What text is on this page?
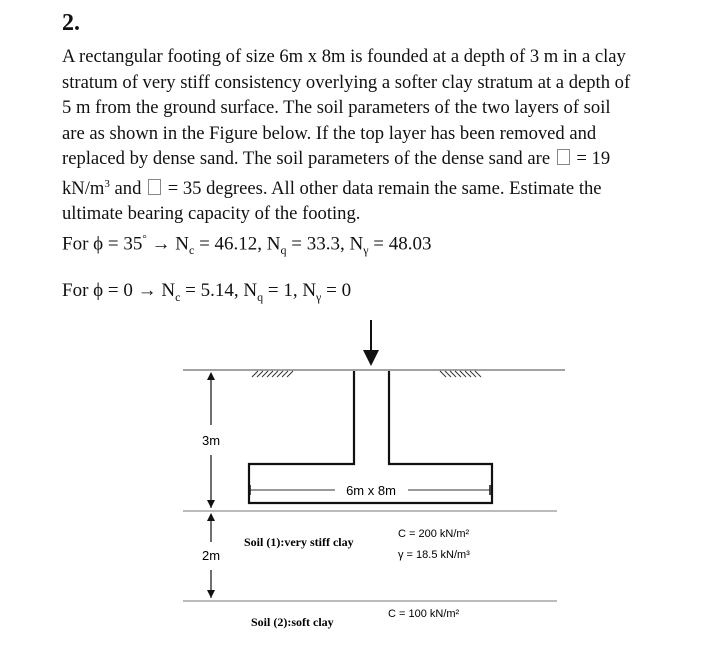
2.
A rectangular footing of size 6m x 8m is founded at a depth of 3 m in a clay
stratum of very stiff consistency overlying a softer clay stratum at a depth of
5 m from the ground surface. The soil parameters of the two layers of soil
are as shown in the Figure below. If the top layer has been removed and
replaced by dense sand. The soil parameters of the dense sand are = 19
$kN/m^3$ and = 35 degrees. All other data remain the same. Estimate the
ultimate bearing capacity of the footing.
For $\phi = 35^\circ \to N_c = 46.12$, $N_q = 33.3$, $N_\gamma = 48.03$
For $\phi = 0 \to N_c = 5.14$, $N_q = 1$, $N_\gamma = 0$
6m x 8m
3m
2m
Soil (1):very stiff clay
C = 200 kN/m²
γ = 18.5 kN/m³
Soil (2):soft clay
C = 100 kN/m²
